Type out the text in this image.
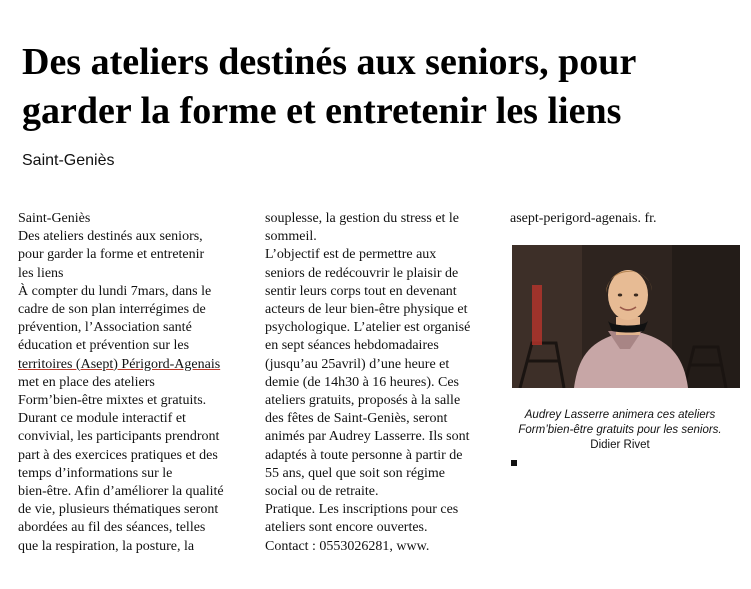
Des ateliers destinés aux seniors, pour
garder la forme et entretenir les liens
Saint-Geniès

Saint-Geniès

Des ateliers destinés aux seniors,

pour garder la forme et entretenir

les liens

À compter du lundi 7mars, dans le

cadre de son plan interrégimes de

prévention, l’Association santé

éducation et prévention sur les

territoires (Asept) Périgord-Agenais

met en place des ateliers

Form’bien-être mixtes et gratuits.

Durant ce module interactif et

convivial, les participants prendront

part à des exercices pratiques et des

temps d’informations sur le

bien-être. Afin d’améliorer la qualité

de vie, plusieurs thématiques seront

abordées au fil des séances, telles

que la respiration, la posture, la

souplesse, la gestion du stress et le

sommeil.

L’objectif est de permettre aux

seniors de redécouvrir le plaisir de

sentir leurs corps tout en devenant

acteurs de leur bien-être physique et

psychologique. L’atelier est organisé

en sept séances hebdomadaires

(jusqu’au 25avril) d’une heure et

demie (de 14h30 à 16 heures). Ces

ateliers gratuits, proposés à la salle

des fêtes de Saint-Geniès, seront

animés par Audrey Lasserre. Ils sont

adaptés à toute personne à partir de

55 ans, quel que soit son régime

social ou de retraite.

Pratique. Les inscriptions pour ces

ateliers sont encore ouvertes.

Contact : 0553026281, www.

asept-perigord-agenais. fr.

Audrey Lasserre animera ces ateliers
Form’bien-être gratuits pour les seniors.
Didier Rivet
